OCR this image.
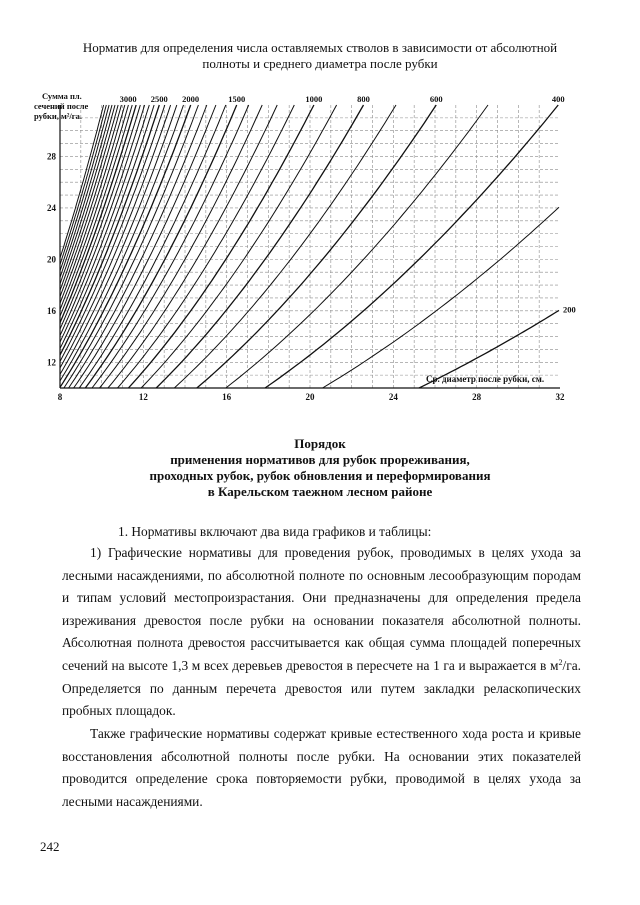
Норматив для определения числа оставляемых стволов в зависимости от абсолютной
полноты и среднего диаметра после рубки
8	12	16	20	24	28	32
12
16
20
24
28
200
400
600
800
1000
1500
2000
2500
3000
Сумма пл.
сечений после
рубки, м²/га.
Ср. диаметр после рубки, см.
Порядок
применения нормативов для рубок прореживания,
проходных рубок, рубок обновления и переформирования
в Карельском таежном лесном районе

1. Нормативы включают два вида графиков и таблицы:

1) Графические нормативы для проведения рубок, проводимых в целях ухода за лесными насаждениями, по абсолютной полноте по основным лесообразующим породам и типам условий местопроизрастания. Они предназначены для определения предела изреживания древостоя после рубки на основании показателя абсолютной полноты. Абсолютная полнота древостоя рассчитывается как общая сумма площадей поперечных сечений на высоте 1,3 м всех деревьев древостоя в пересчете на 1 га и выражается в $м^2/га$. Определяется по данным перечета древостоя или путем закладки реласкопических пробных площадок.

Также графические нормативы содержат кривые естественного хода роста и кривые восстановления абсолютной полноты после рубки. На основании этих показателей проводится определение срока повторяемости рубки, проводимой в целях ухода за лесными насаждениями.

242
